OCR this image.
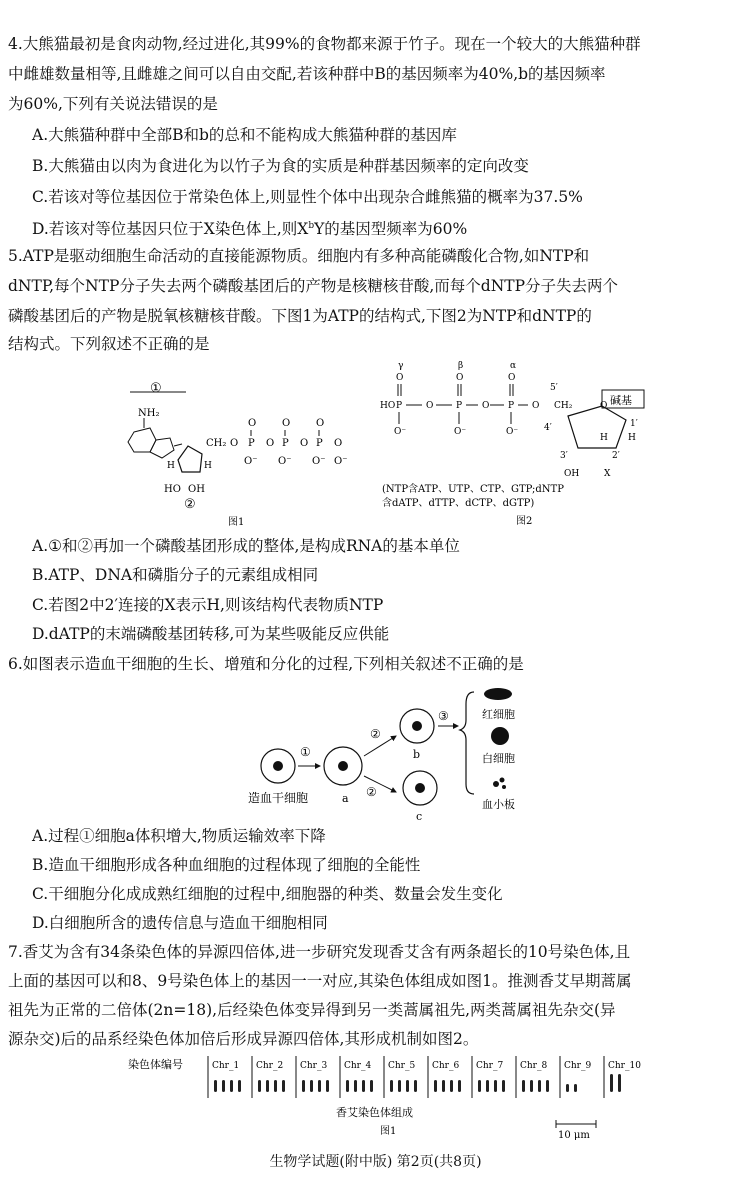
4.大熊猫最初是食肉动物,经过进化,其99%的食物都来源于竹子。现在一个较大的大熊猫种群
中雌雄数量相等,且雌雄之间可以自由交配,若该种群中B的基因频率为40%,b的基因频率
为60%,下列有关说法错误的是
A.大熊猫种群中全部B和b的总和不能构成大熊猫种群的基因库
B.大熊猫由以肉为食进化为以竹子为食的实质是种群基因频率的定向改变
C.若该对等位基因位于常染色体上,则显性个体中出现杂合雌熊猫的概率为37.5%
D.若该对等位基因只位于X染色体上,则$X^bY$的基因型频率为60%
5.ATP是驱动细胞生命活动的直接能源物质。细胞内有多种高能磷酸化合物,如NTP和
dNTP,每个NTP分子失去两个磷酸基团后的产物是核糖核苷酸,而每个dNTP分子失去两个
磷酸基团后的产物是脱氧核糖核苷酸。下图1为ATP的结构式,下图2为NTP和dNTP的
结构式。下列叙述不正确的是
①
NH₂
H	H
HO OH
②
CH₂ O P
O
O⁻
O P
O
O⁻
O P
O
O⁻
O
O⁻
图1
γ	β	α
O	O	O
HO P	O	P O P O
O⁻	O⁻	O⁻
5′
CH₂
4′
O 碱基
1′
H
H
3′	2′
OH	X
(NTP含ATP、UTP、CTP、GTP;dNTP
含dATP、dTTP、dCTP、dGTP)
图2
A.①和②再加一个磷酸基团形成的整体,是构成RNA的基本单位
B.ATP、DNA和磷脂分子的元素组成相同
C.若图2中2′连接的X表示H,则该结构代表物质NTP
D.dATP的末端磷酸基团转移,可为某些吸能反应供能
6.如图表示造血干细胞的生长、增殖和分化的过程,下列相关叙述不正确的是
造血干细胞
①
a
②
②
b
c
③	红细胞
白细胞
血小板
A.过程①细胞a体积增大,物质运输效率下降
B.造血干细胞形成各种血细胞的过程体现了细胞的全能性
C.干细胞分化成成熟红细胞的过程中,细胞器的种类、数量会发生变化
D.白细胞所含的遗传信息与造血干细胞相同
7.香艾为含有34条染色体的异源四倍体,进一步研究发现香艾含有两条超长的10号染色体,且
上面的基因可以和8、9号染色体上的基因一一对应,其染色体组成如图1。推测香艾早期蒿属
祖先为正常的二倍体(2n=18),后经染色体变异得到另一类蒿属祖先,两类蒿属祖先杂交(异
源杂交)后的品系经染色体加倍后形成异源四倍体,其形成机制如图2。
染色体编号	Chr_1 Chr_2 Chr_3 Chr_4 Chr_5 Chr_6 Chr_7 Chr_8 Chr_9 Chr_10
香艾染色体组成
10 μm
图1
生物学试题(附中版) 第2页(共8页)
